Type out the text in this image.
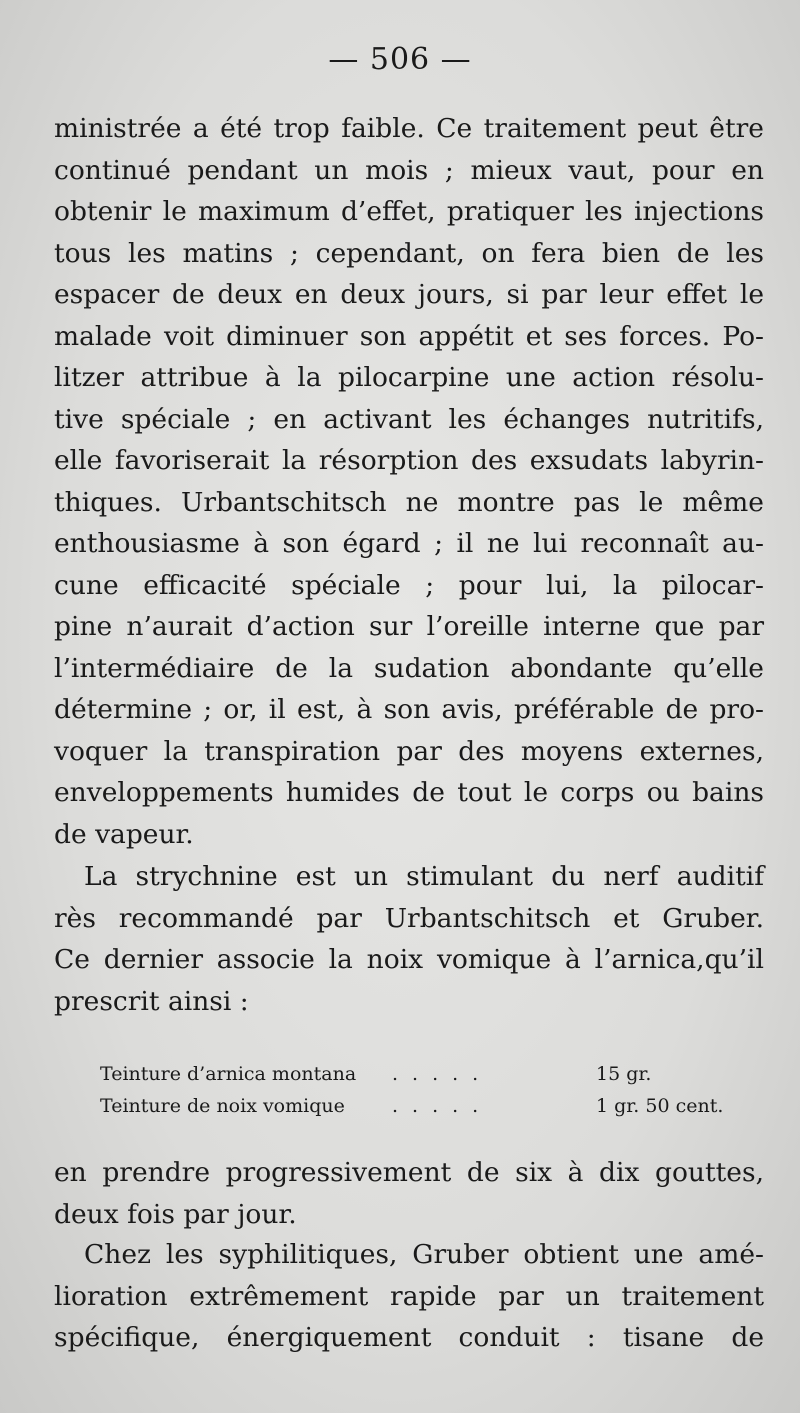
— 506 —
ministrée a été trop faible. Ce traitement peut être
continué pendant un mois ; mieux vaut, pour en
obtenir le maximum d’effet, pratiquer les injections
tous les matins ; cependant, on fera bien de les
espacer de deux en deux jours, si par leur effet le
malade voit diminuer son appétit et ses forces. Po-
litzer attribue à la pilocarpine une action résolu-
tive spéciale ; en activant les échanges nutritifs,
elle favoriserait la résorption des exsudats labyrin-
thiques. Urbantschitsch ne montre pas le même
enthousiasme à son égard ; il ne lui reconnaît au-
cune efficacité spéciale ; pour lui, la pilocar-
pine n’aurait d’action sur l’oreille interne que par
l’intermédiaire de la sudation abondante qu’elle
détermine ; or, il est, à son avis, préférable de pro-
voquer la transpiration par des moyens externes,
enveloppements humides de tout le corps ou bains
de vapeur.
La strychnine est un stimulant du nerf auditif
rès recommandé par Urbantschitsch et Gruber.
Ce dernier associe la noix vomique à l’arnica,qu’il
prescrit ainsi :
Teinture d’arnica montana .....	15 gr.
Teinture de noix vomique .....	1 gr. 50 cent.
en prendre progressivement de six à dix gouttes,
deux fois par jour.
Chez les syphilitiques, Gruber obtient une amé-
lioration extrêmement rapide par un traitement
spécifique, énergiquement conduit : tisane de
